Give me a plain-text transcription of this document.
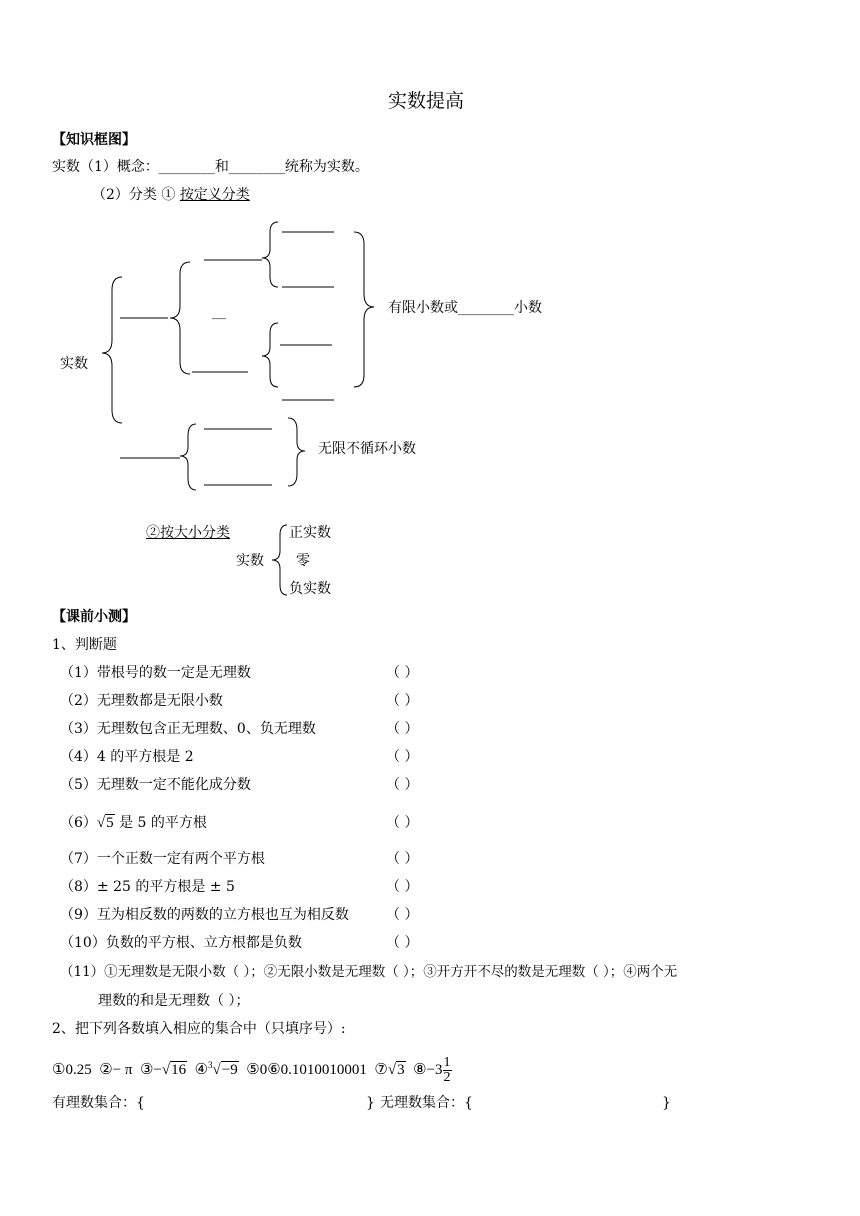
实数提高
【知识框图】
实数（1）概念：________和________统称为实数。
（2）分类 ① 按定义分类
实数
__	有限小数或________小数
无限不循环小数
②按大小分类
实数
正实数
零
负实数
【课前小测】
1、判断题
（1）带根号的数一定是无理数	（ ）
（2）无理数都是无限小数	（ ）
（3）无理数包含正无理数、0、负无理数	（ ）
（4）4 的平方根是 2	（ ）
（5）无理数一定不能化成分数	（ ）
（6）√5 是 5 的平方根	（ ）
（7）一个正数一定有两个平方根	（ ）
（8）± 25 的平方根是 ± 5	（ ）
（9）互为相反数的两数的立方根也互为相反数	（ ）
（10）负数的平方根、立方根都是负数	（ ）
（11）①无理数是无限小数（ ）；②无限小数是无理数（ ）；③开方开不尽的数是无理数（ ）；④两个无
理数的和是无理数（ ）；
2、把下列各数填入相应的集合中（只填序号）:
①0.25 ②− π ③−√16 ④$^3$√−9 ⑤0⑥0.1010010001 ⑦√3 ⑧−3 $\frac{1}{2}$
有理数集合：{	} 无理数集合：{	}
